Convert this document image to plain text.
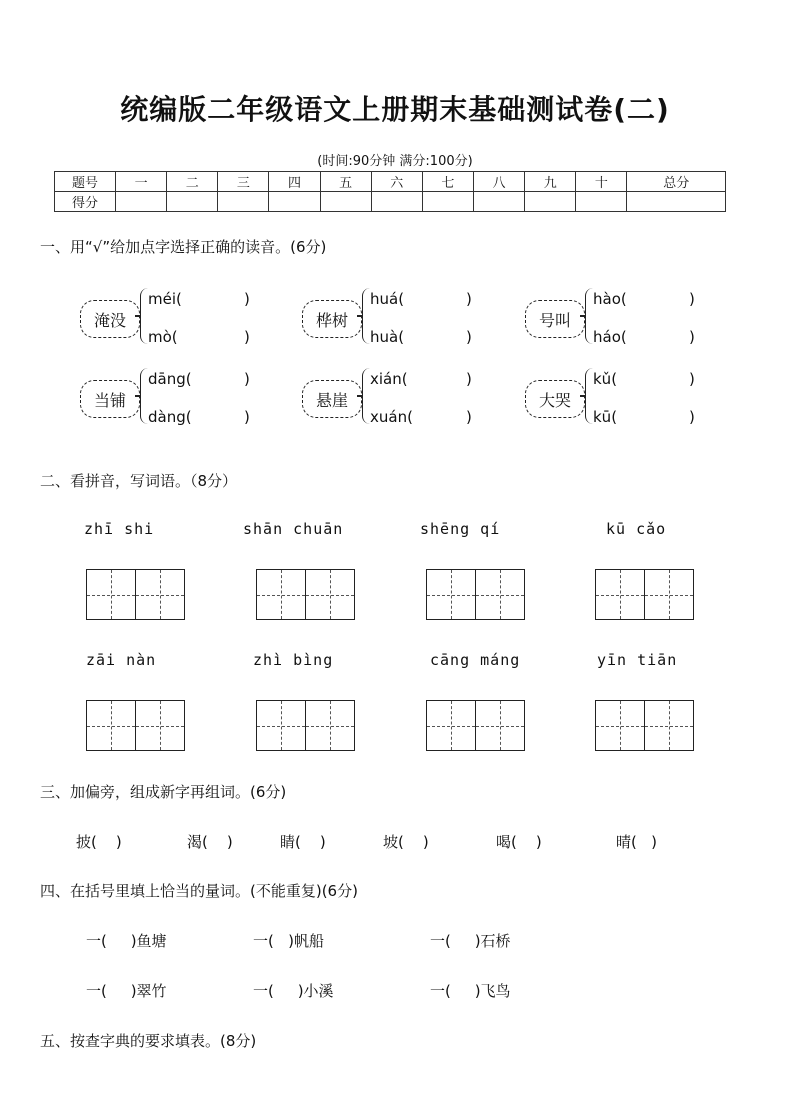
统编版二年级语文上册期末基础测试卷(二)
(时间:90分钟 满分:100分)
题号	一	二	三	四	五	六	七	八	九	十	总分
得分											
一、用“√”给加点字选择正确的读音。(6分)
淹没
méi(	)
mò(	)
桦树
huá(	)
huà(	)
号叫
hào(	)
háo(	)
当铺
dāng(	)
dàng(	)
悬崖
xián(	)
xuán(	)
大哭
kǔ(	)
kū(	)
二、看拼音，写词语。（8分）
zhī shi	shān chuān	shēng qí	kū cǎo
zāi nàn	zhì bìng	cāng máng	yīn tiān
三、加偏旁，组成新字再组词。(6分)
披(    )	渴(    )	睛(    )	坡(    )	喝(    )	晴(   )
四、在括号里填上恰当的量词。(不能重复)(6分)
一(     )鱼塘	一(   )帆船	一(     )石桥
一(     )翠竹	一(     )小溪	一(     )飞鸟
五、按查字典的要求填表。(8分)
